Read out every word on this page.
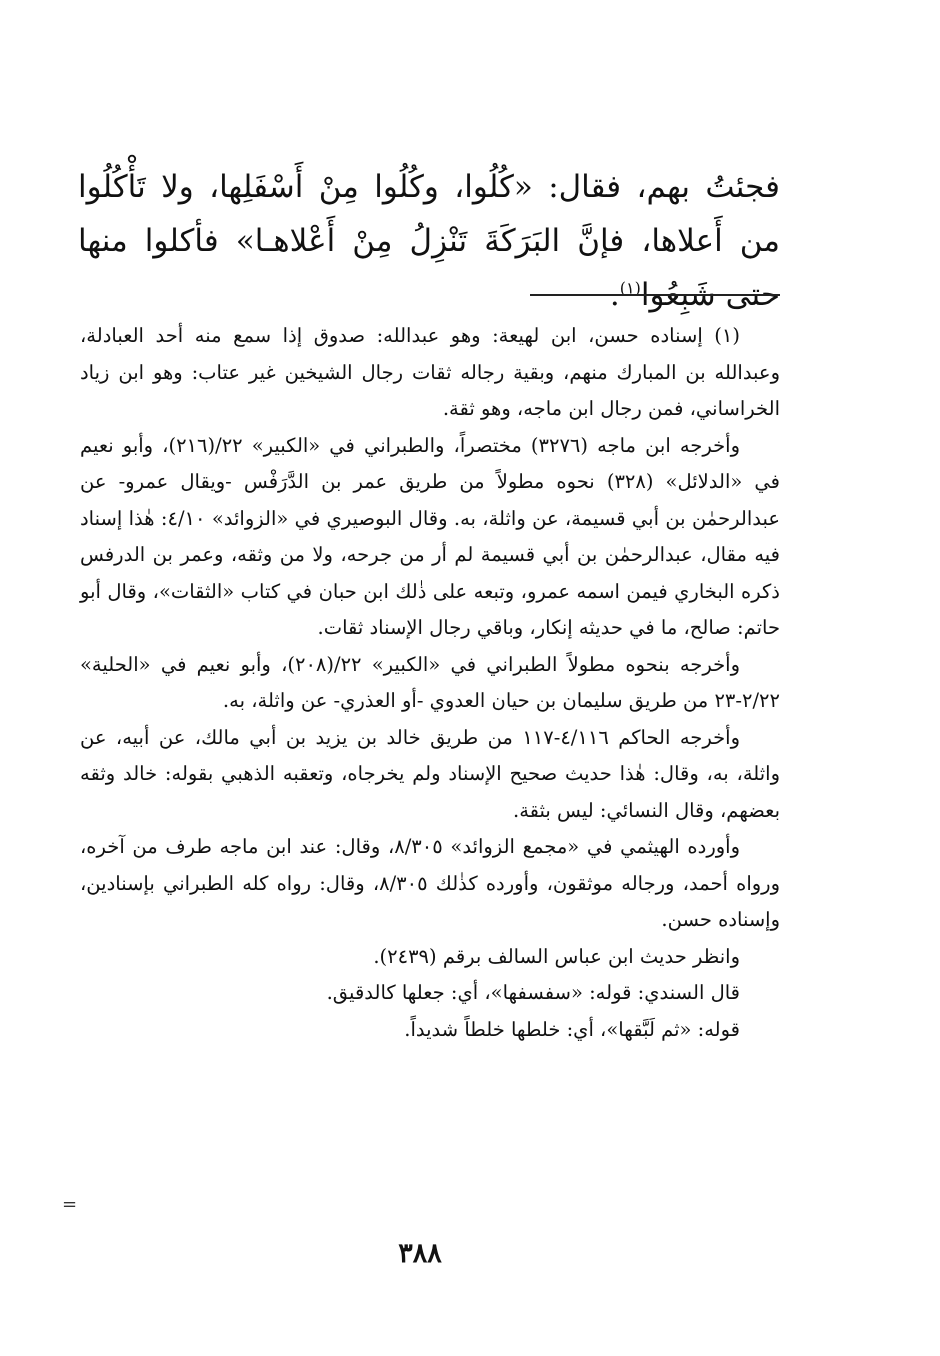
فجئتُ بهم، فقال: «كُلُوا، وكُلُوا مِنْ أَسْفَلِها، ولا تَأْكُلُوا من أَعلاها، فإنَّ البَرَكَةَ تَنْزِلُ مِنْ أَعْلاهـا» فأكلوا منها حتى شَبِعُوا$^{(١)}$.

(١) إسناده حسن، ابن لهيعة: وهو عبدالله: صدوق إذا سمع منه أحد العبادلة، وعبدالله بن المبارك منهم، وبقية رجاله ثقات رجال الشيخين غير عتاب: وهو ابن زياد الخراساني، فمن رجال ابن ماجه، وهو ثقة.

وأخرجه ابن ماجه (٣٢٧٦) مختصراً، والطبراني في «الكبير» ٢٢/(٢١٦)، وأبو نعيم في «الدلائل» (٣٢٨) نحوه مطولاً من طريق عمر بن الدَّرَفْس -ويقال عمرو- عن عبدالرحمٰن بن أبي قسيمة، عن واثلة، به. وقال البوصيري في «الزوائد» ٤/١٠: هٰذا إسناد فيه مقال، عبدالرحمٰن بن أبي قسيمة لم أر من جرحه، ولا من وثقه، وعمر بن الدرفس ذكره البخاري فيمن اسمه عمرو، وتبعه على ذٰلك ابن حبان في كتاب «الثقات»، وقال أبو حاتم: صالح، ما في حديثه إنكار، وباقي رجال الإسناد ثقات.

وأخرجه بنحوه مطولاً الطبراني في «الكبير» ٢٢/(٢٠٨)، وأبو نعيم في «الحلية» ٢/٢٢-٢٣ من طريق سليمان بن حيان العدوي -أو العذري- عن واثلة، به.

وأخرجه الحاكم ٤/١١٦-١١٧ من طريق خالد بن يزيد بن أبي مالك، عن أبيه، عن واثلة، به، وقال: هٰذا حديث صحيح الإسناد ولم يخرجاه، وتعقبه الذهبي بقوله: خالد وثقه بعضهم، وقال النسائي: ليس بثقة.

وأورده الهيثمي في «مجمع الزوائد» ٨/٣٠٥، وقال: عند ابن ماجه طرف من آخره، ورواه أحمد، ورجاله موثقون، وأورده كذٰلك ٨/٣٠٥، وقال: رواه كله الطبراني بإسنادين، وإسناده حسن.

وانظر حديث ابن عباس السالف برقم (٢٤٣٩).

قال السندي: قوله: «سفسفها»، أي: جعلها كالدقيق.

قوله: «ثم لَبَّقها»، أي: خلطها خلطاً شديداً.

=
٣٨٨
